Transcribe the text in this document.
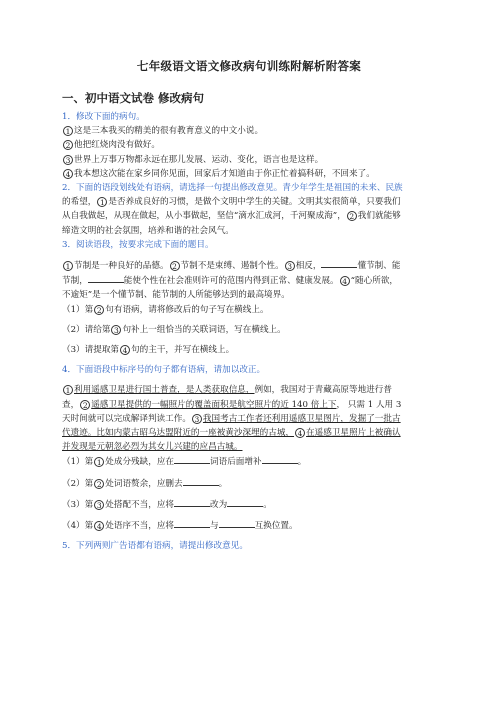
七年级语文语文修改病句训练附解析附答案

一、初中语文试卷 修改病句

1．修改下面的病句。

1 这是三本我买的精美的很有教育意义的中文小说。

2 他把红烧肉没有做好。

3 世界上万事万物都永远在那儿发展、运动、变化，语言也是这样。

4 我本想这次能在家乡同你见面，回家后才知道由于你正忙着搞科研，不回来了。

2．下面的语段划线处有语病，请选择一句提出修改意见。青少年学生是祖国的未来、民族

的希望， 1 是否养成良好的习惯，是做个文明中学生的关键。文明其实很简单，只要我们

从自我做起，从现在做起，从小事做起，坚信“滴水汇成河，千河聚成海”， 2 我们就能够

缔造文明的社会氛围，培养和谐的社会风气。

3．阅读语段，按要求完成下面的题目。

1 节制是一种良好的品德。 2 节制不是束缚、遏制个性。 3 相反，	懂节制、能

节制，	能使个性在社会准则许可的范围内得到正常、健康发展。 4 “随心所欲，

不逾矩”是一个懂节制、能节制的人所能够达到的最高境界。

（1）第 2 句有语病，请将修改后的句子写在横线上。

（2）请给第 3 句补上一组恰当的关联词语，写在横线上。

（3）请提取第 4 句的主干，并写在横线上。

4．下面语段中标序号的句子都有语病，请加以改正。

1 利用遥感卫星进行国土普查，是人类获取信息，例如，我国对于青藏高原等地进行普

查， 2 遥感卫星提供的一幅照片的覆盖面积是航空照片的近 140 倍上下， 只需 1 人用 3

天时间就可以完成解译判读工作。 3 我国考古工作者还利用遥感卫星图片，发掘了一批古

代遗迹。比如内蒙古昭乌达盟附近的一座被黄沙深埋的古城， 4 在遥感卫星照片上被确认

并发现是元朝忽必烈为其女儿兴建的应昌古城。

（1）第 1 处成分残缺，应在	词语后面增补	。

（2）第 2 处词语赘余，应删去	。

（3）第 3 处搭配不当，应将	改为	。

（4）第 4 处语序不当，应将	与	互换位置。

5．下列两则广告语都有语病，请提出修改意见。
